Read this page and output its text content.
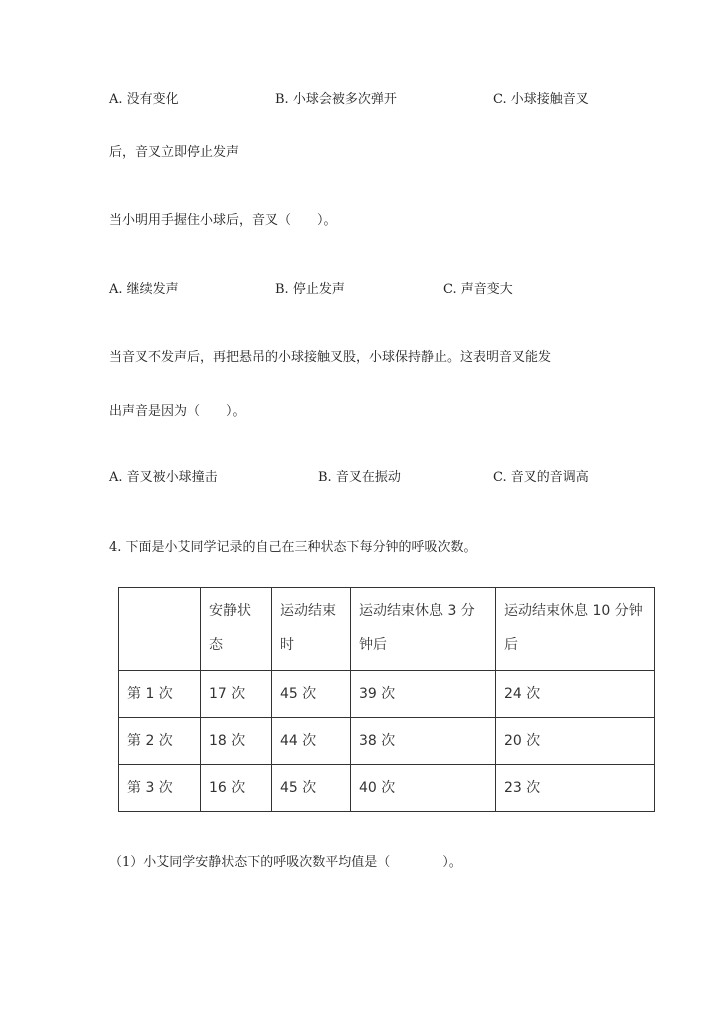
A. 没有变化	B. 小球会被多次弹开	C. 小球接触音叉
后，音叉立即停止发声
当小明用手握住小球后，音叉（　　）。
A. 继续发声	B. 停止发声	C. 声音变大
当音叉不发声后，再把悬吊的小球接触叉股，小球保持静止。这表明音叉能发
出声音是因为（　　）。
A. 音叉被小球撞击	B. 音叉在振动	C. 音叉的音调高
4. 下面是小艾同学记录的自己在三种状态下每分钟的呼吸次数。
	安静状态	运动结束时	运动结束休息 3 分钟后	运动结束休息 10 分钟后
第 1 次	17 次	45 次	39 次	24 次
第 2 次	18 次	44 次	38 次	20 次
第 3 次	16 次	45 次	40 次	23 次
（1）小艾同学安静状态下的呼吸次数平均值是（　　　　）。
